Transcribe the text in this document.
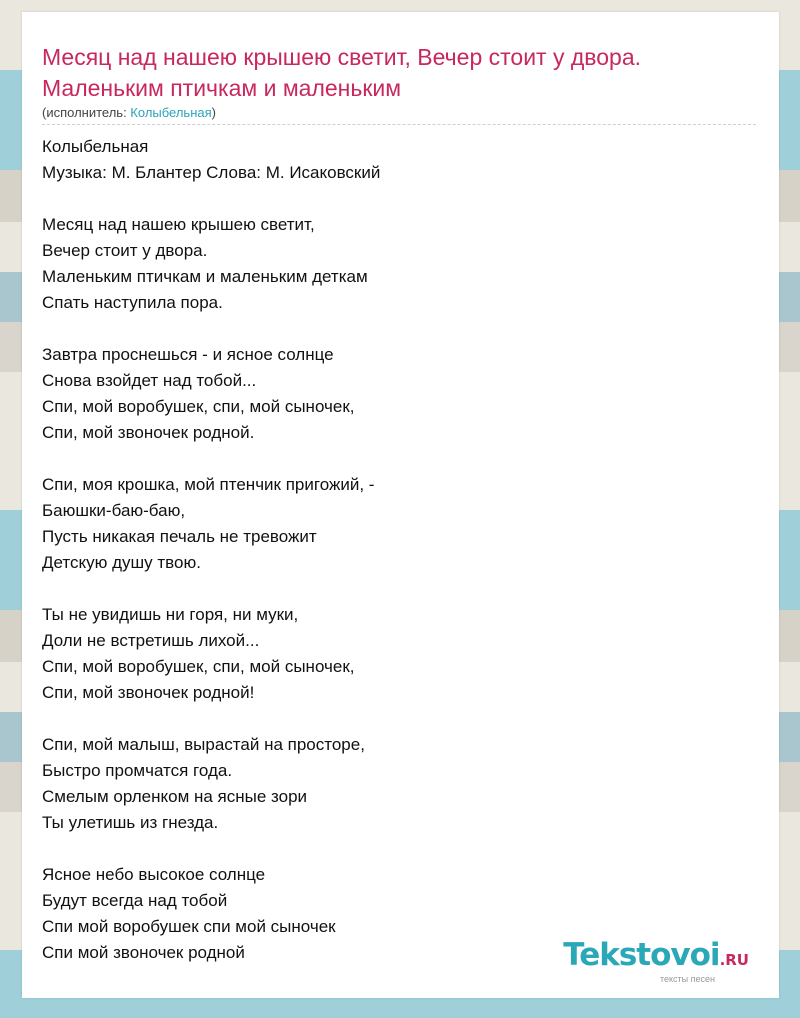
Месяц над нашею крышею светит, Вечер стоит у двора.
Маленьким птичкам и маленьким
(исполнитель: Колыбельная)
Колыбельная
Музыка: М. Блантер Слова: М. Исаковский
Месяц над нашею крышею светит,
Вечер стоит у двора.
Маленьким птичкам и маленьким деткам
Спать наступила пора.
Завтра проснешься - и ясное солнце
Снова взойдет над тобой...
Спи, мой воробушек, спи, мой сыночек,
Спи, мой звоночек родной.
Спи, моя крошка, мой птенчик пригожий, -
Баюшки-баю-баю,
Пусть никакая печаль не тревожит
Детскую душу твою.
Ты не увидишь ни горя, ни муки,
Доли не встретишь лихой...
Спи, мой воробушек, спи, мой сыночек,
Спи, мой звоночек родной!
Спи, мой малыш, вырастай на просторе,
Быстро промчатся года.
Смелым орленком на ясные зори
Ты улетишь из гнезда.
Ясное небо высокое солнце
Будут всегда над тобой
Спи мой воробушек спи мой сыночек
Спи мой звоночек родной	Tekstovoi.RU
тексты песен
